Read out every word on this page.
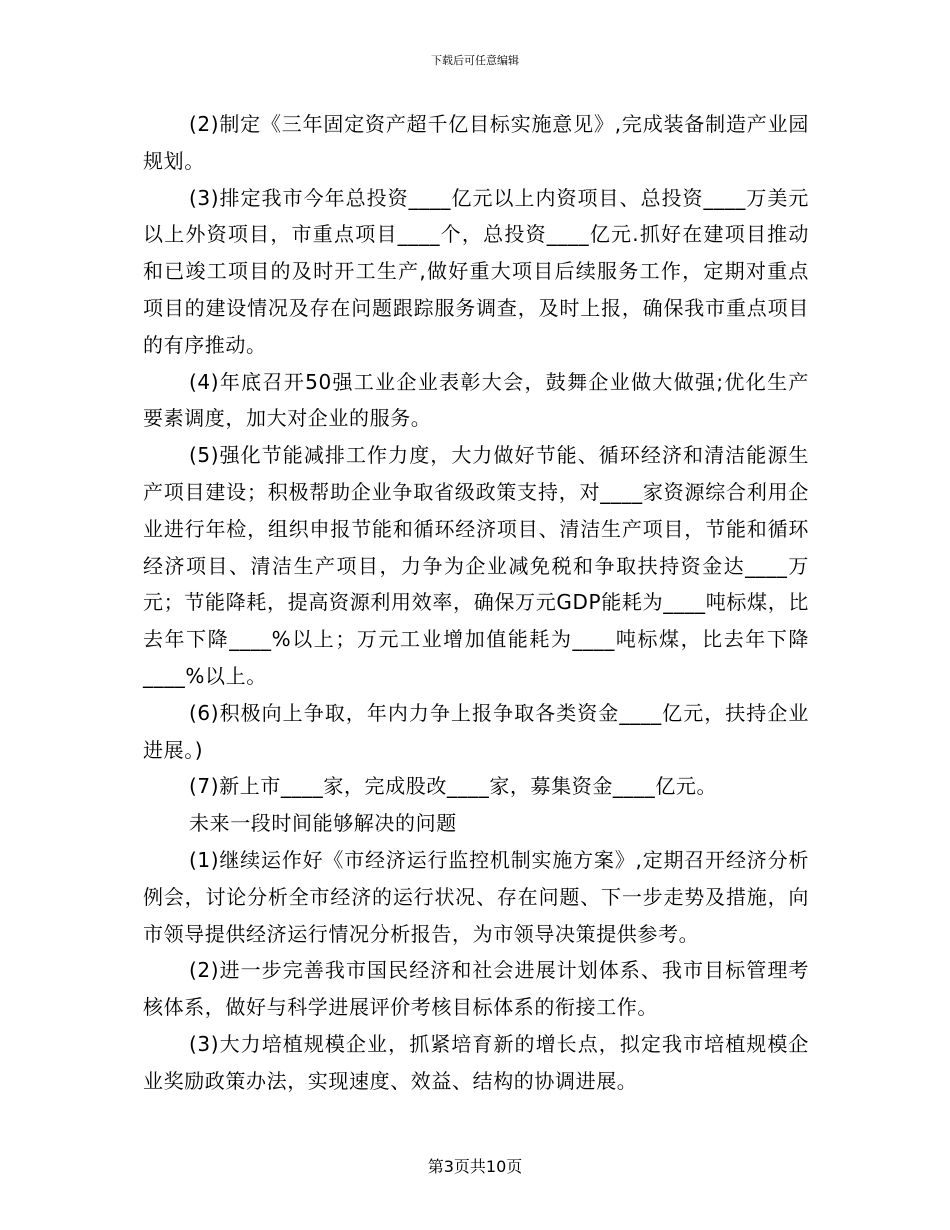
下载后可任意编辑

(2)制定《三年固定资产超千亿目标实施意见》,完成装备制造产业园规划。

(3)排定我市今年总投资____亿元以上内资项目、总投资____万美元以上外资项目，市重点项目____个，总投资____亿元.抓好在建项目推动和已竣工项目的及时开工生产,做好重大项目后续服务工作，定期对重点项目的建设情况及存在问题跟踪服务调查，及时上报，确保我市重点项目的有序推动。

(4)年底召开50强工业企业表彰大会，鼓舞企业做大做强;优化生产要素调度，加大对企业的服务。

(5)强化节能减排工作力度，大力做好节能、循环经济和清洁能源生产项目建设；积极帮助企业争取省级政策支持，对____家资源综合利用企业进行年检，组织申报节能和循环经济项目、清洁生产项目，节能和循环经济项目、清洁生产项目，力争为企业减免税和争取扶持资金达____万元；节能降耗，提高资源利用效率，确保万元GDP能耗为____吨标煤，比去年下降____%以上；万元工业增加值能耗为____吨标煤，比去年下降____%以上。

(6)积极向上争取，年内力争上报争取各类资金____亿元，扶持企业进展。)

(7)新上市____家，完成股改____家，募集资金____亿元。

未来一段时间能够解决的问题

(1)继续运作好《市经济运行监控机制实施方案》,定期召开经济分析例会，讨论分析全市经济的运行状况、存在问题、下一步走势及措施，向市领导提供经济运行情况分析报告，为市领导决策提供参考。

(2)进一步完善我市国民经济和社会进展计划体系、我市目标管理考核体系，做好与科学进展评价考核目标体系的衔接工作。

(3)大力培植规模企业，抓紧培育新的增长点，拟定我市培植规模企业奖励政策办法，实现速度、效益、结构的协调进展。

第3页共10页
